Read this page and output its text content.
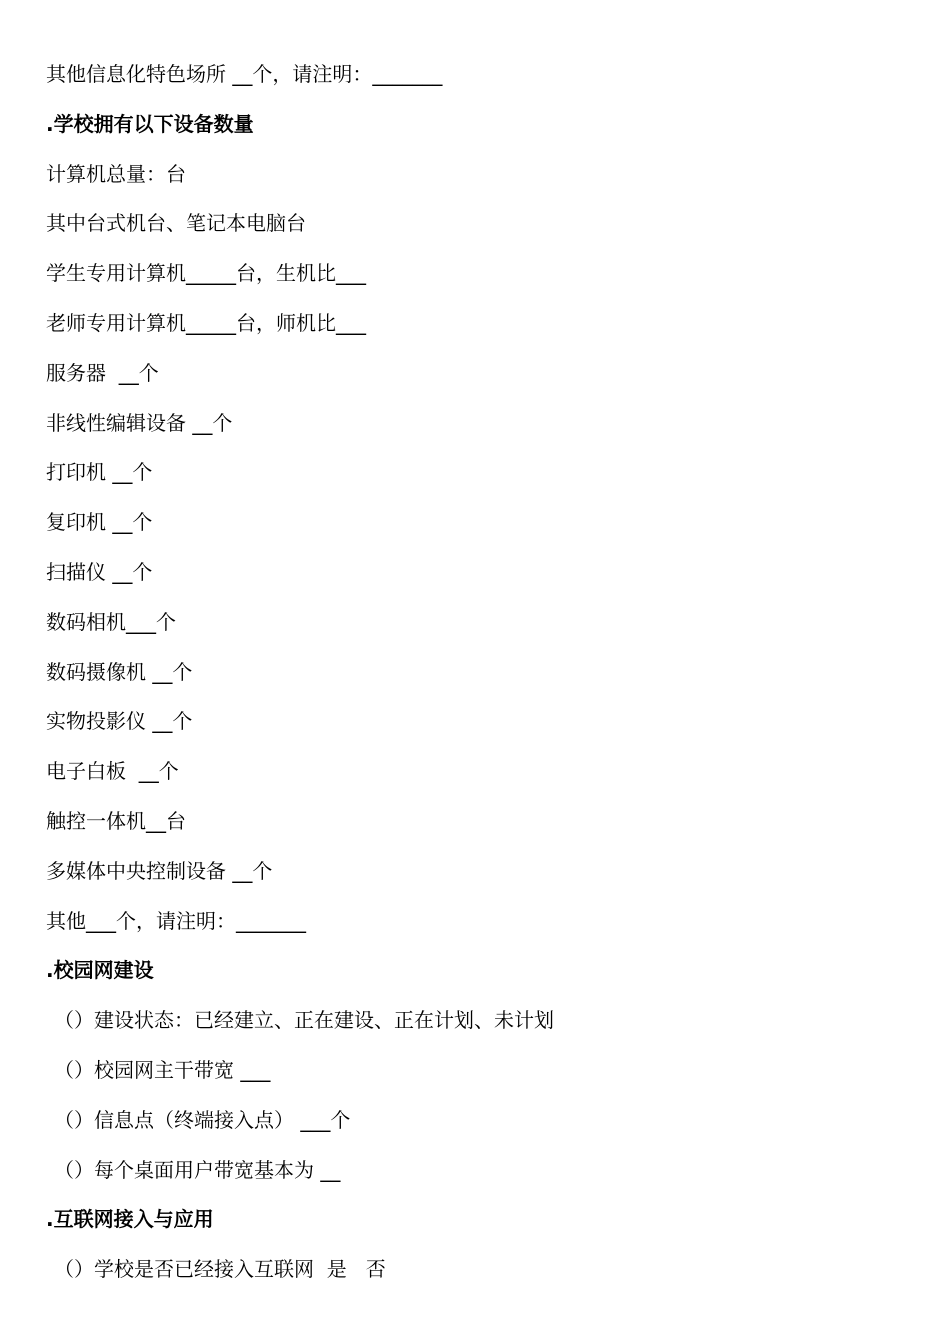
其他信息化特色场所 __个，请注明：_______
.学校拥有以下设备数量
计算机总量：台
其中台式机台、笔记本电脑台
学生专用计算机_____台，生机比___
老师专用计算机_____台，师机比___
服务器  __个
非线性编辑设备 __个
打印机 __个
复印机 __个
扫描仪 __个
数码相机___个
数码摄像机 __个
实物投影仪 __个
电子白板  __个
触控一体机__台
多媒体中央控制设备 __个
其他___个，请注明：_______
.校园网建设
（）建设状态：已经建立、正在建设、正在计划、未计划
（）校园网主干带宽 ___
（）信息点（终端接入点） ___个
（）每个桌面用户带宽基本为 __
.互联网接入与应用
（）学校是否已经接入互联网  是   否
